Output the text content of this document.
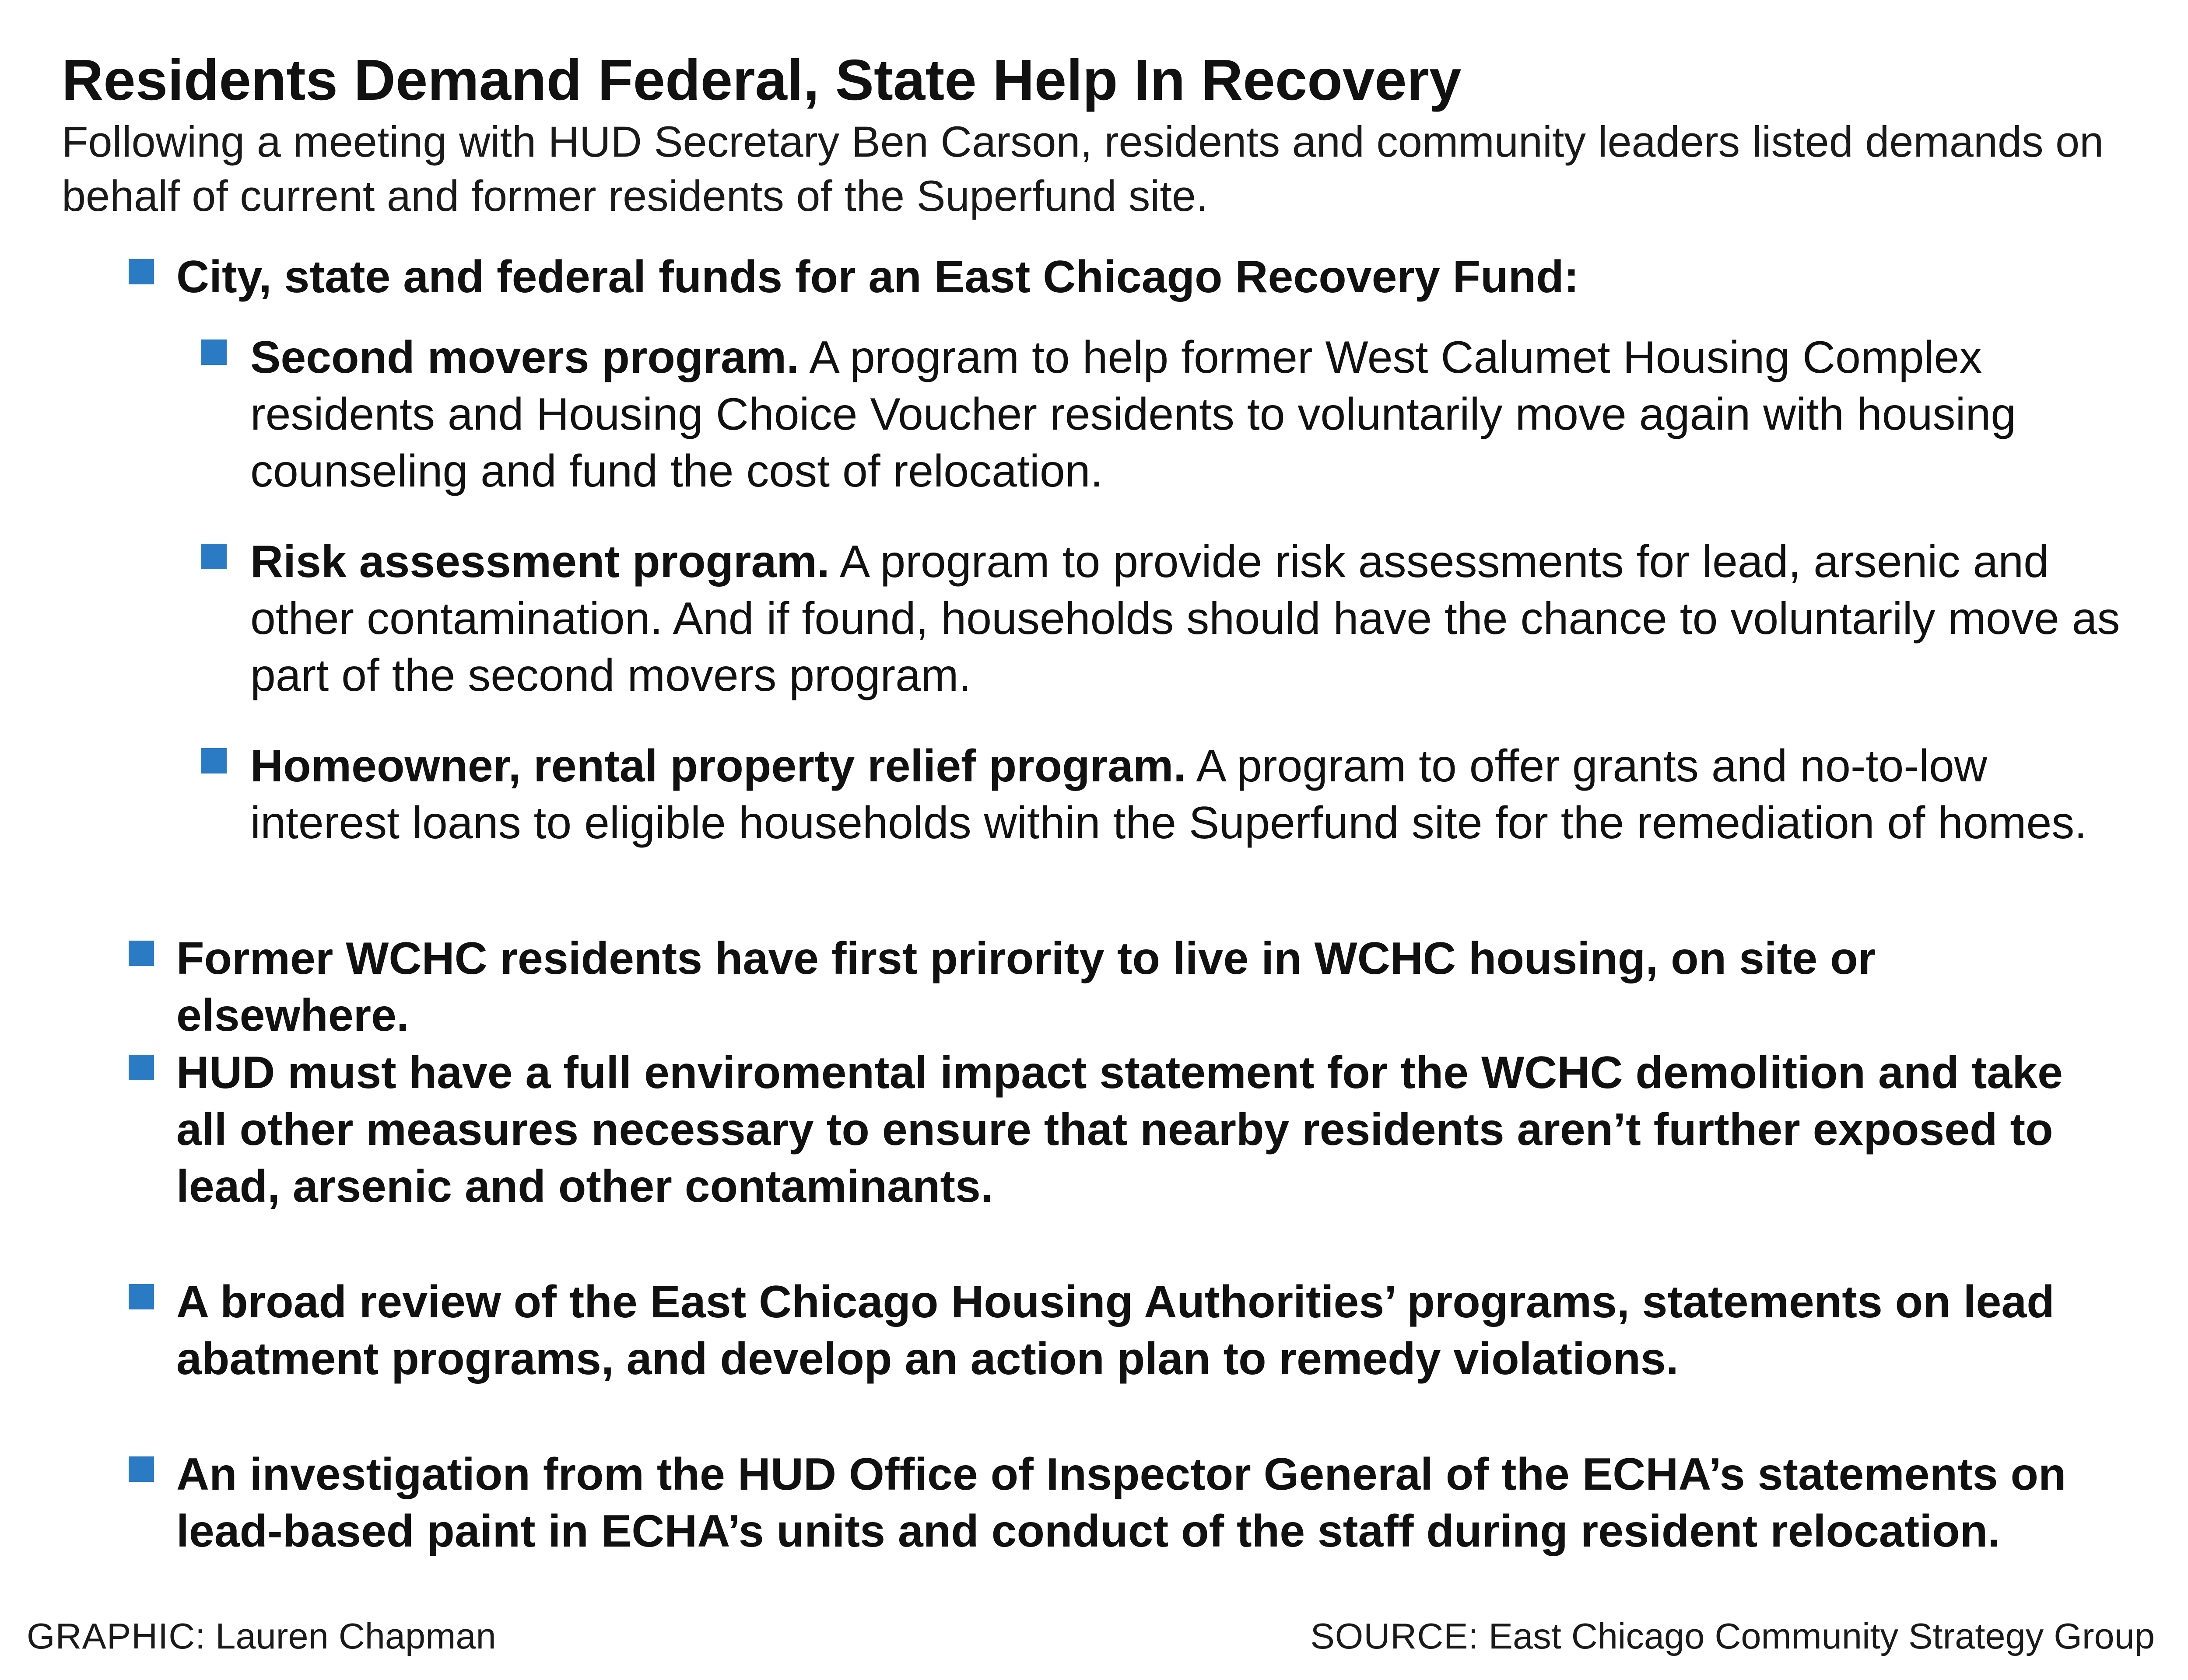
Residents Demand Federal, State Help In Recovery

Following a meeting with HUD Secretary Ben Carson, residents and community leaders listed demands on behalf of current and former residents of the Superfund site.

City, state and federal funds for an East Chicago Recovery Fund:
Second movers program. A program to help former West Calumet Housing Complex residents and Housing Choice Voucher residents to voluntarily move again with housing counseling and fund the cost of relocation.
Risk assessment program. A program to provide risk assessments for lead, arsenic and other contamination. And if found, households should have the chance to voluntarily move as part of the second movers program.
Homeowner, rental property relief program. A program to offer grants and no-to-low interest loans to eligible households within the Superfund site for the remediation of homes.
Former WCHC residents have first prirority to live in WCHC housing, on site or elsewhere.
HUD must have a full enviromental impact statement for the WCHC demolition and take all other measures necessary to ensure that nearby residents aren’t further exposed to lead, arsenic and other contaminants.
A broad review of the East Chicago Housing Authorities’ programs, statements on lead abatment programs, and develop an action plan to remedy violations.
An investigation from the HUD Office of Inspector General of the ECHA’s statements on lead-based paint in ECHA’s units and conduct of the staff during resident relocation.
GRAPHIC: Lauren Chapman	SOURCE: East Chicago Community Strategy Group
